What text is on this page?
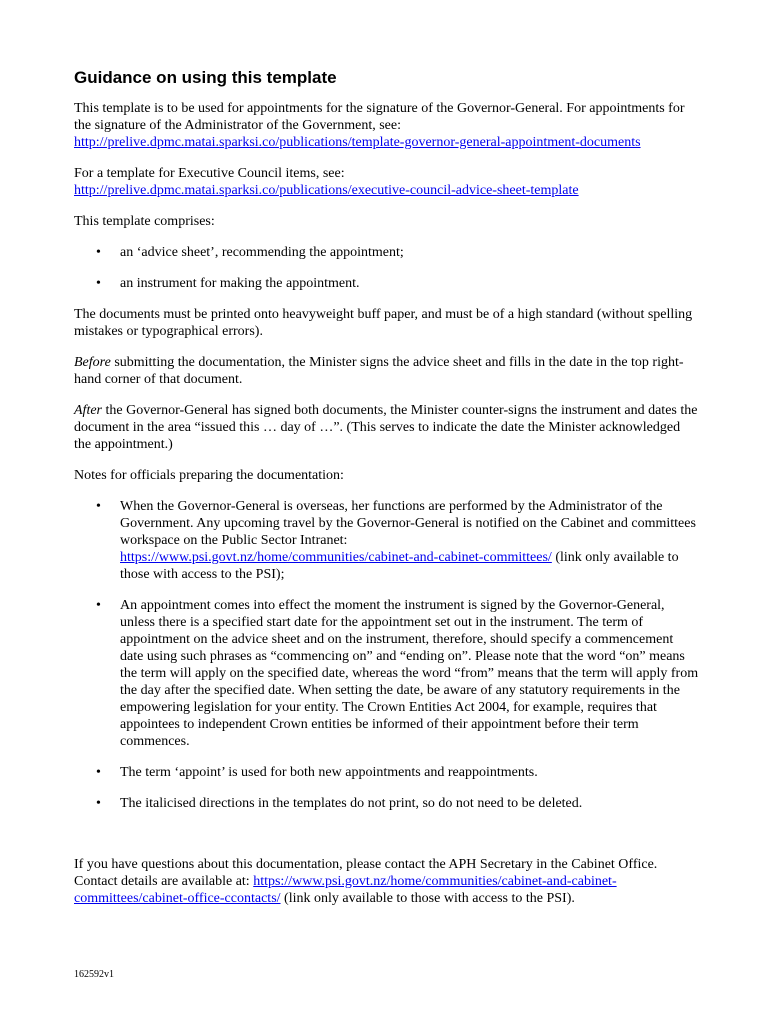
Guidance on using this template

This template is to be used for appointments for the signature of the Governor-General. For appointments for the signature of the Administrator of the Government, see: http://prelive.dpmc.matai.sparksi.co/publications/template-governor-general-appointment-documents

For a template for Executive Council items, see:
http://prelive.dpmc.matai.sparksi.co/publications/executive-council-advice-sheet-template

This template comprises:

• an ‘advice sheet’, recommending the appointment;
• an instrument for making the appointment.

The documents must be printed onto heavyweight buff paper, and must be of a high standard (without spelling mistakes or typographical errors).

Before submitting the documentation, the Minister signs the advice sheet and fills in the date in the top right-hand corner of that document.

After the Governor-General has signed both documents, the Minister counter-signs the instrument and dates the document in the area “issued this … day of …”. (This serves to indicate the date the Minister acknowledged the appointment.)

Notes for officials preparing the documentation:

• When the Governor-General is overseas, her functions are performed by the Administrator of the Government. Any upcoming travel by the Governor-General is notified on the Cabinet and committees workspace on the Public Sector Intranet:
https://www.psi.govt.nz/home/communities/cabinet-and-cabinet-committees/ (link only available to those with access to the PSI);
• An appointment comes into effect the moment the instrument is signed by the Governor-General, unless there is a specified start date for the appointment set out in the instrument. The term of appointment on the advice sheet and on the instrument, therefore, should specify a commencement date using such phrases as “commencing on” and “ending on”. Please note that the word “on” means the term will apply on the specified date, whereas the word “from” means that the term will apply from the day after the specified date. When setting the date, be aware of any statutory requirements in the empowering legislation for your entity. The Crown Entities Act 2004, for example, requires that appointees to independent Crown entities be informed of their appointment before their term commences.
• The term ‘appoint’ is used for both new appointments and reappointments.
• The italicised directions in the templates do not print, so do not need to be deleted.

If you have questions about this documentation, please contact the APH Secretary in the Cabinet Office. Contact details are available at: https://www.psi.govt.nz/home/communities/cabinet-and-cabinet-committees/cabinet-office-ccontacts/ (link only available to those with access to the PSI).

162592v1
